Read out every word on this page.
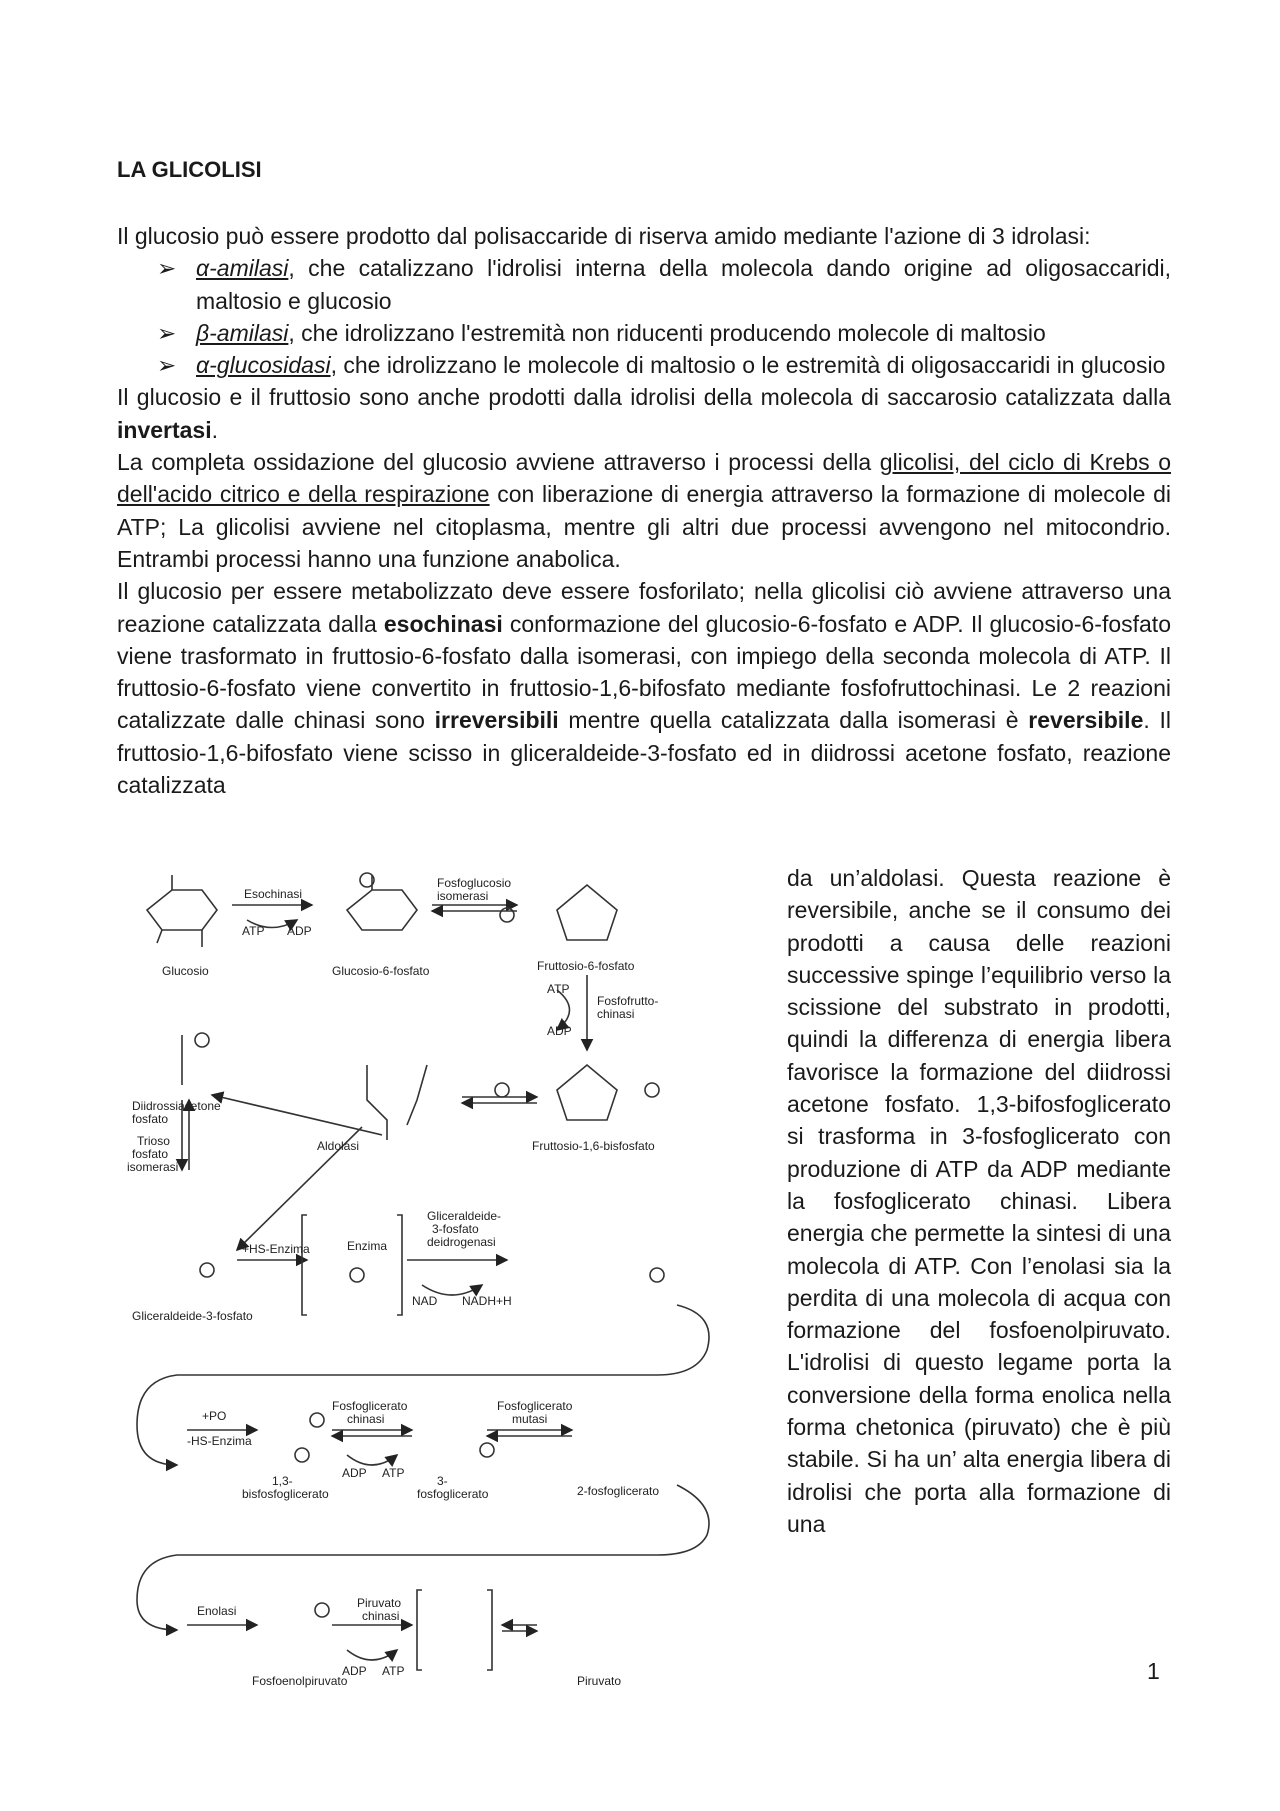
LA GLICOLISI

Il glucosio può essere prodotto dal polisaccaride di riserva amido mediante l'azione di 3 idrolasi:

➢ α-amilasi, che catalizzano l'idrolisi interna della molecola dando origine ad oligosaccaridi, maltosio e glucosio

➢ β-amilasi, che idrolizzano l'estremità non riducenti producendo molecole di maltosio

➢ α-glucosidasi, che idrolizzano le molecole di maltosio o le estremità di oligosaccaridi in glucosio

Il glucosio e il fruttosio sono anche prodotti dalla idrolisi della molecola di saccarosio catalizzata dalla invertasi.

La completa ossidazione del glucosio avviene attraverso i processi della glicolisi, del ciclo di Krebs o dell'acido citrico e della respirazione con liberazione di energia attraverso la formazione di molecole di ATP; La glicolisi avviene nel citoplasma, mentre gli altri due processi avvengono nel mitocondrio. Entrambi processi hanno una funzione anabolica.

Il glucosio per essere metabolizzato deve essere fosforilato; nella glicolisi ciò avviene attraverso una reazione catalizzata dalla esochinasi conformazione del glucosio-6-fosfato e ADP. Il glucosio-6-fosfato viene trasformato in fruttosio-6-fosfato dalla isomerasi, con impiego della seconda molecola di ATP. Il fruttosio-6-fosfato viene convertito in fruttosio-1,6-bifosfato mediante fosfofruttochinasi. Le 2 reazioni catalizzate dalle chinasi sono irreversibili mentre quella catalizzata dalla isomerasi è reversibile. Il fruttosio-1,6-bifosfato viene scisso in gliceraldeide-3-fosfato ed in diidrossi acetone fosfato, reazione catalizzata

da un’aldolasi. Questa reazione è reversibile, anche se il consumo dei prodotti a causa delle reazioni successive spinge l’equilibrio verso la scissione del substrato in prodotti, quindi la differenza di energia libera favorisce la formazione del diidrossi acetone fosfato. 1,3-bifosfoglicerato si trasforma in 3-fosfoglicerato con produzione di ATP da ADP mediante la fosfoglicerato chinasi. Libera energia che permette la sintesi di una molecola di ATP. Con l’enolasi sia la perdita di una molecola di acqua con formazione del fosfoenolpiruvato. L'idrolisi di questo legame porta la conversione della forma enolica nella forma chetonica (piruvato) che è più stabile. Si ha un’ alta energia libera di idrolisi che porta alla formazione di una

Glucosio	Glucosio-6-fosfato	Fruttosio-6-fosfato
Fruttosio-1,6-bisfosfato
Esochinasi
ATP ADP
Fosfoglucosio
isomerasi
ATP
ADP
Fosfofrutto-
chinasi
Aldolasi
Diidrossiacetone
fosfato
Trioso
fosfato
isomerasi
Gliceraldeide-3-fosfato
+HS-Enzima	Enzima
Gliceraldeide-
3-fosfato
deidrogenasi
NAD NADH+H
+PO
-HS-Enzima
Fosfoglicerato
chinasi
Fosfoglicerato
mutasi
ADP ATP
1,3-
bisfosfoglicerato
3-
fosfoglicerato	2-fosfoglicerato
Enolasi
Piruvato
chinasi
ADP ATP
Fosfoenolpiruvato	Piruvato	1
